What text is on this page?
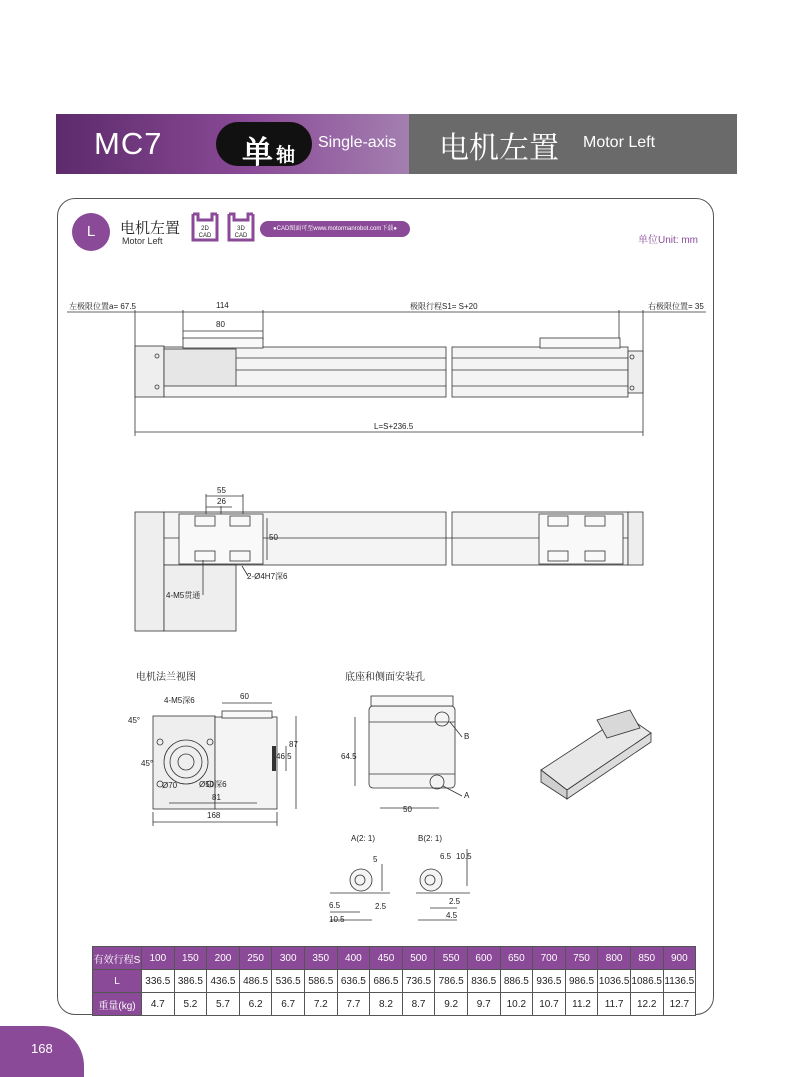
MC7	单 轴
Single-axis 电机左置 Motor Left
L	电机左置
Motor Left
2D
CAD
3D
CAD
●CAD图面可至www.motormanrobot.com下载●
单位Unit: mm
左极限位置a= 67.5	114
80
极限行程S1= S+20	右极限位置= 35
L=S+236.5
55
26
50
2-Ø4H7深6
4-M5贯通
电机法兰视图
4-M5深6	60
45°
45°
87
46.5
Ø70	Ø50深6
81
168
底座和侧面安装孔
64.5
50
A
B
A(2: 1)
5
2.5
6.5
10.5
B(2: 1)
6.5 10.5
2.5
4.5
有效行程S	100	150	200	250	300	350	400	450	500	550	600	650	700	750	800	850	900
L	336.5	386.5	436.5	486.5	536.5	586.5	636.5	686.5	736.5	786.5	836.5	886.5	936.5	986.5	1036.5	1086.5	1136.5
重量(kg)	4.7	5.2	5.7	6.2	6.7	7.2	7.7	8.2	8.7	9.2	9.7	10.2	10.7	11.2	11.7	12.2	12.7
168
